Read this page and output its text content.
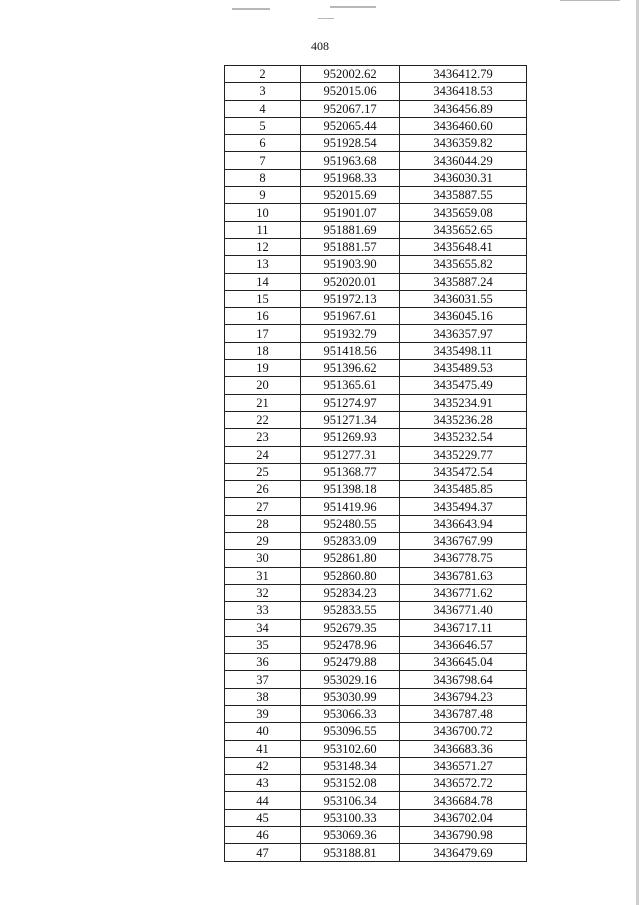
408
2	952002.62	3436412.79
3	952015.06	3436418.53
4	952067.17	3436456.89
5	952065.44	3436460.60
6	951928.54	3436359.82
7	951963.68	3436044.29
8	951968.33	3436030.31
9	952015.69	3435887.55
10	951901.07	3435659.08
11	951881.69	3435652.65
12	951881.57	3435648.41
13	951903.90	3435655.82
14	952020.01	3435887.24
15	951972.13	3436031.55
16	951967.61	3436045.16
17	951932.79	3436357.97
18	951418.56	3435498.11
19	951396.62	3435489.53
20	951365.61	3435475.49
21	951274.97	3435234.91
22	951271.34	3435236.28
23	951269.93	3435232.54
24	951277.31	3435229.77
25	951368.77	3435472.54
26	951398.18	3435485.85
27	951419.96	3435494.37
28	952480.55	3436643.94
29	952833.09	3436767.99
30	952861.80	3436778.75
31	952860.80	3436781.63
32	952834.23	3436771.62
33	952833.55	3436771.40
34	952679.35	3436717.11
35	952478.96	3436646.57
36	952479.88	3436645.04
37	953029.16	3436798.64
38	953030.99	3436794.23
39	953066.33	3436787.48
40	953096.55	3436700.72
41	953102.60	3436683.36
42	953148.34	3436571.27
43	953152.08	3436572.72
44	953106.34	3436684.78
45	953100.33	3436702.04
46	953069.36	3436790.98
47	953188.81	3436479.69
